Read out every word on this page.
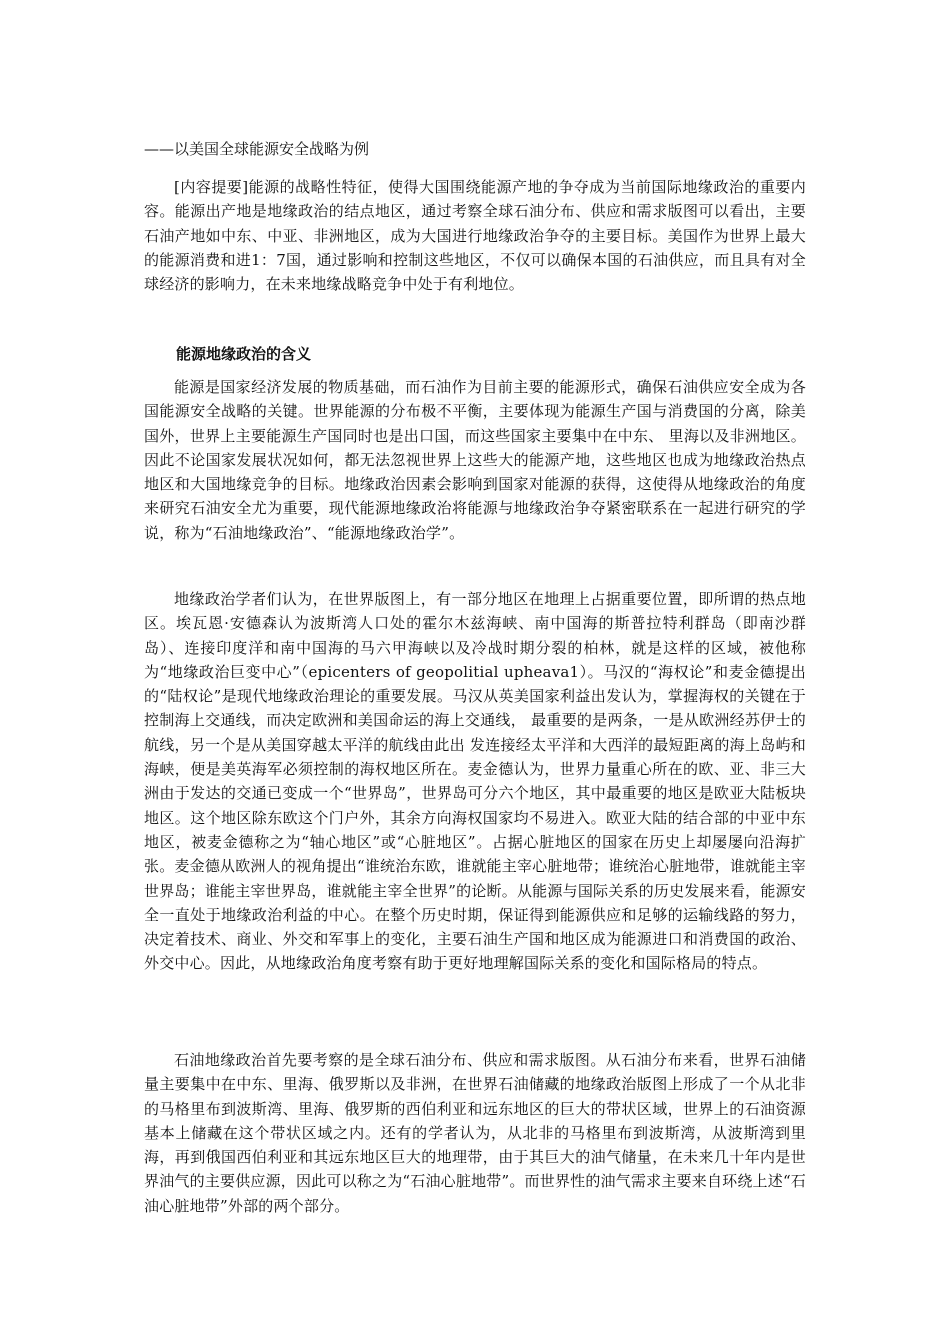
——以美国全球能源安全战略为例

[内容提要]能源的战略性特征，使得大国围绕能源产地的争夺成为当前国际地缘政治的重要内容。能源出产地是地缘政治的结点地区，通过考察全球石油分布、供应和需求版图可以看出，主要石油产地如中东、中亚、非洲地区，成为大国进行地缘政治争夺的主要目标。美国作为世界上最大的能源消费和进1：7国，通过影响和控制这些地区，不仅可以确保本国的石油供应，而且具有对全球经济的影响力，在未来地缘战略竞争中处于有利地位。

能源地缘政治的含义

能源是国家经济发展的物质基础，而石油作为目前主要的能源形式，确保石油供应安全成为各国能源安全战略的关键。世界能源的分布极不平衡，主要体现为能源生产国与消费国的分离，除美国外，世界上主要能源生产国同时也是出口国，而这些国家主要集中在中东、 里海以及非洲地区。因此不论国家发展状况如何，都无法忽视世界上这些大的能源产地，这些地区也成为地缘政治热点地区和大国地缘竞争的目标。地缘政治因素会影响到国家对能源的获得，这使得从地缘政治的角度来研究石油安全尤为重要，现代能源地缘政治将能源与地缘政治争夺紧密联系在一起进行研究的学说，称为“石油地缘政治”、“能源地缘政治学”。

地缘政治学者们认为，在世界版图上，有一部分地区在地理上占据重要位置，即所谓的热点地区。埃瓦恩·安德森认为波斯湾人口处的霍尔木兹海峡、南中国海的斯普拉特利群岛（即南沙群岛）、连接印度洋和南中国海的马六甲海峡以及冷战时期分裂的柏林，就是这样的区域，被他称为“地缘政治巨变中心”（epicenters of geopolitial upheava1）。马汉的“海权论”和麦金德提出的“陆权论”是现代地缘政治理论的重要发展。马汉从英美国家利益出发认为，掌握海权的关键在于控制海上交通线，而决定欧洲和美国命运的海上交通线， 最重要的是两条，一是从欧洲经苏伊士的航线，另一个是从美国穿越太平洋的航线由此出 发连接经太平洋和大西洋的最短距离的海上岛屿和海峡，便是美英海军必须控制的海权地区所在。麦金德认为，世界力量重心所在的欧、亚、非三大洲由于发达的交通已变成一个“世界岛”，世界岛可分六个地区，其中最重要的地区是欧亚大陆板块地区。这个地区除东欧这个门户外，其余方向海权国家均不易进入。欧亚大陆的结合部的中亚中东地区，被麦金德称之为“轴心地区”或“心脏地区”。占据心脏地区的国家在历史上却屡屡向沿海扩张。麦金德从欧洲人的视角提出“谁统治东欧，谁就能主宰心脏地带；谁统治心脏地带，谁就能主宰世界岛；谁能主宰世界岛，谁就能主宰全世界”的论断。从能源与国际关系的历史发展来看，能源安全一直处于地缘政治利益的中心。在整个历史时期，保证得到能源供应和足够的运输线路的努力，决定着技术、商业、外交和军事上的变化，主要石油生产国和地区成为能源进口和消费国的政治、外交中心。因此，从地缘政治角度考察有助于更好地理解国际关系的变化和国际格局的特点。

石油地缘政治首先要考察的是全球石油分布、供应和需求版图。从石油分布来看，世界石油储量主要集中在中东、里海、俄罗斯以及非洲，在世界石油储藏的地缘政治版图上形成了一个从北非的马格里布到波斯湾、里海、俄罗斯的西伯利亚和远东地区的巨大的带状区域，世界上的石油资源基本上储藏在这个带状区域之内。还有的学者认为，从北非的马格里布到波斯湾，从波斯湾到里海，再到俄国西伯利亚和其远东地区巨大的地理带，由于其巨大的油气储量，在未来几十年内是世界油气的主要供应源，因此可以称之为“石油心脏地带”。而世界性的油气需求主要来自环绕上述“石油心脏地带”外部的两个部分。
